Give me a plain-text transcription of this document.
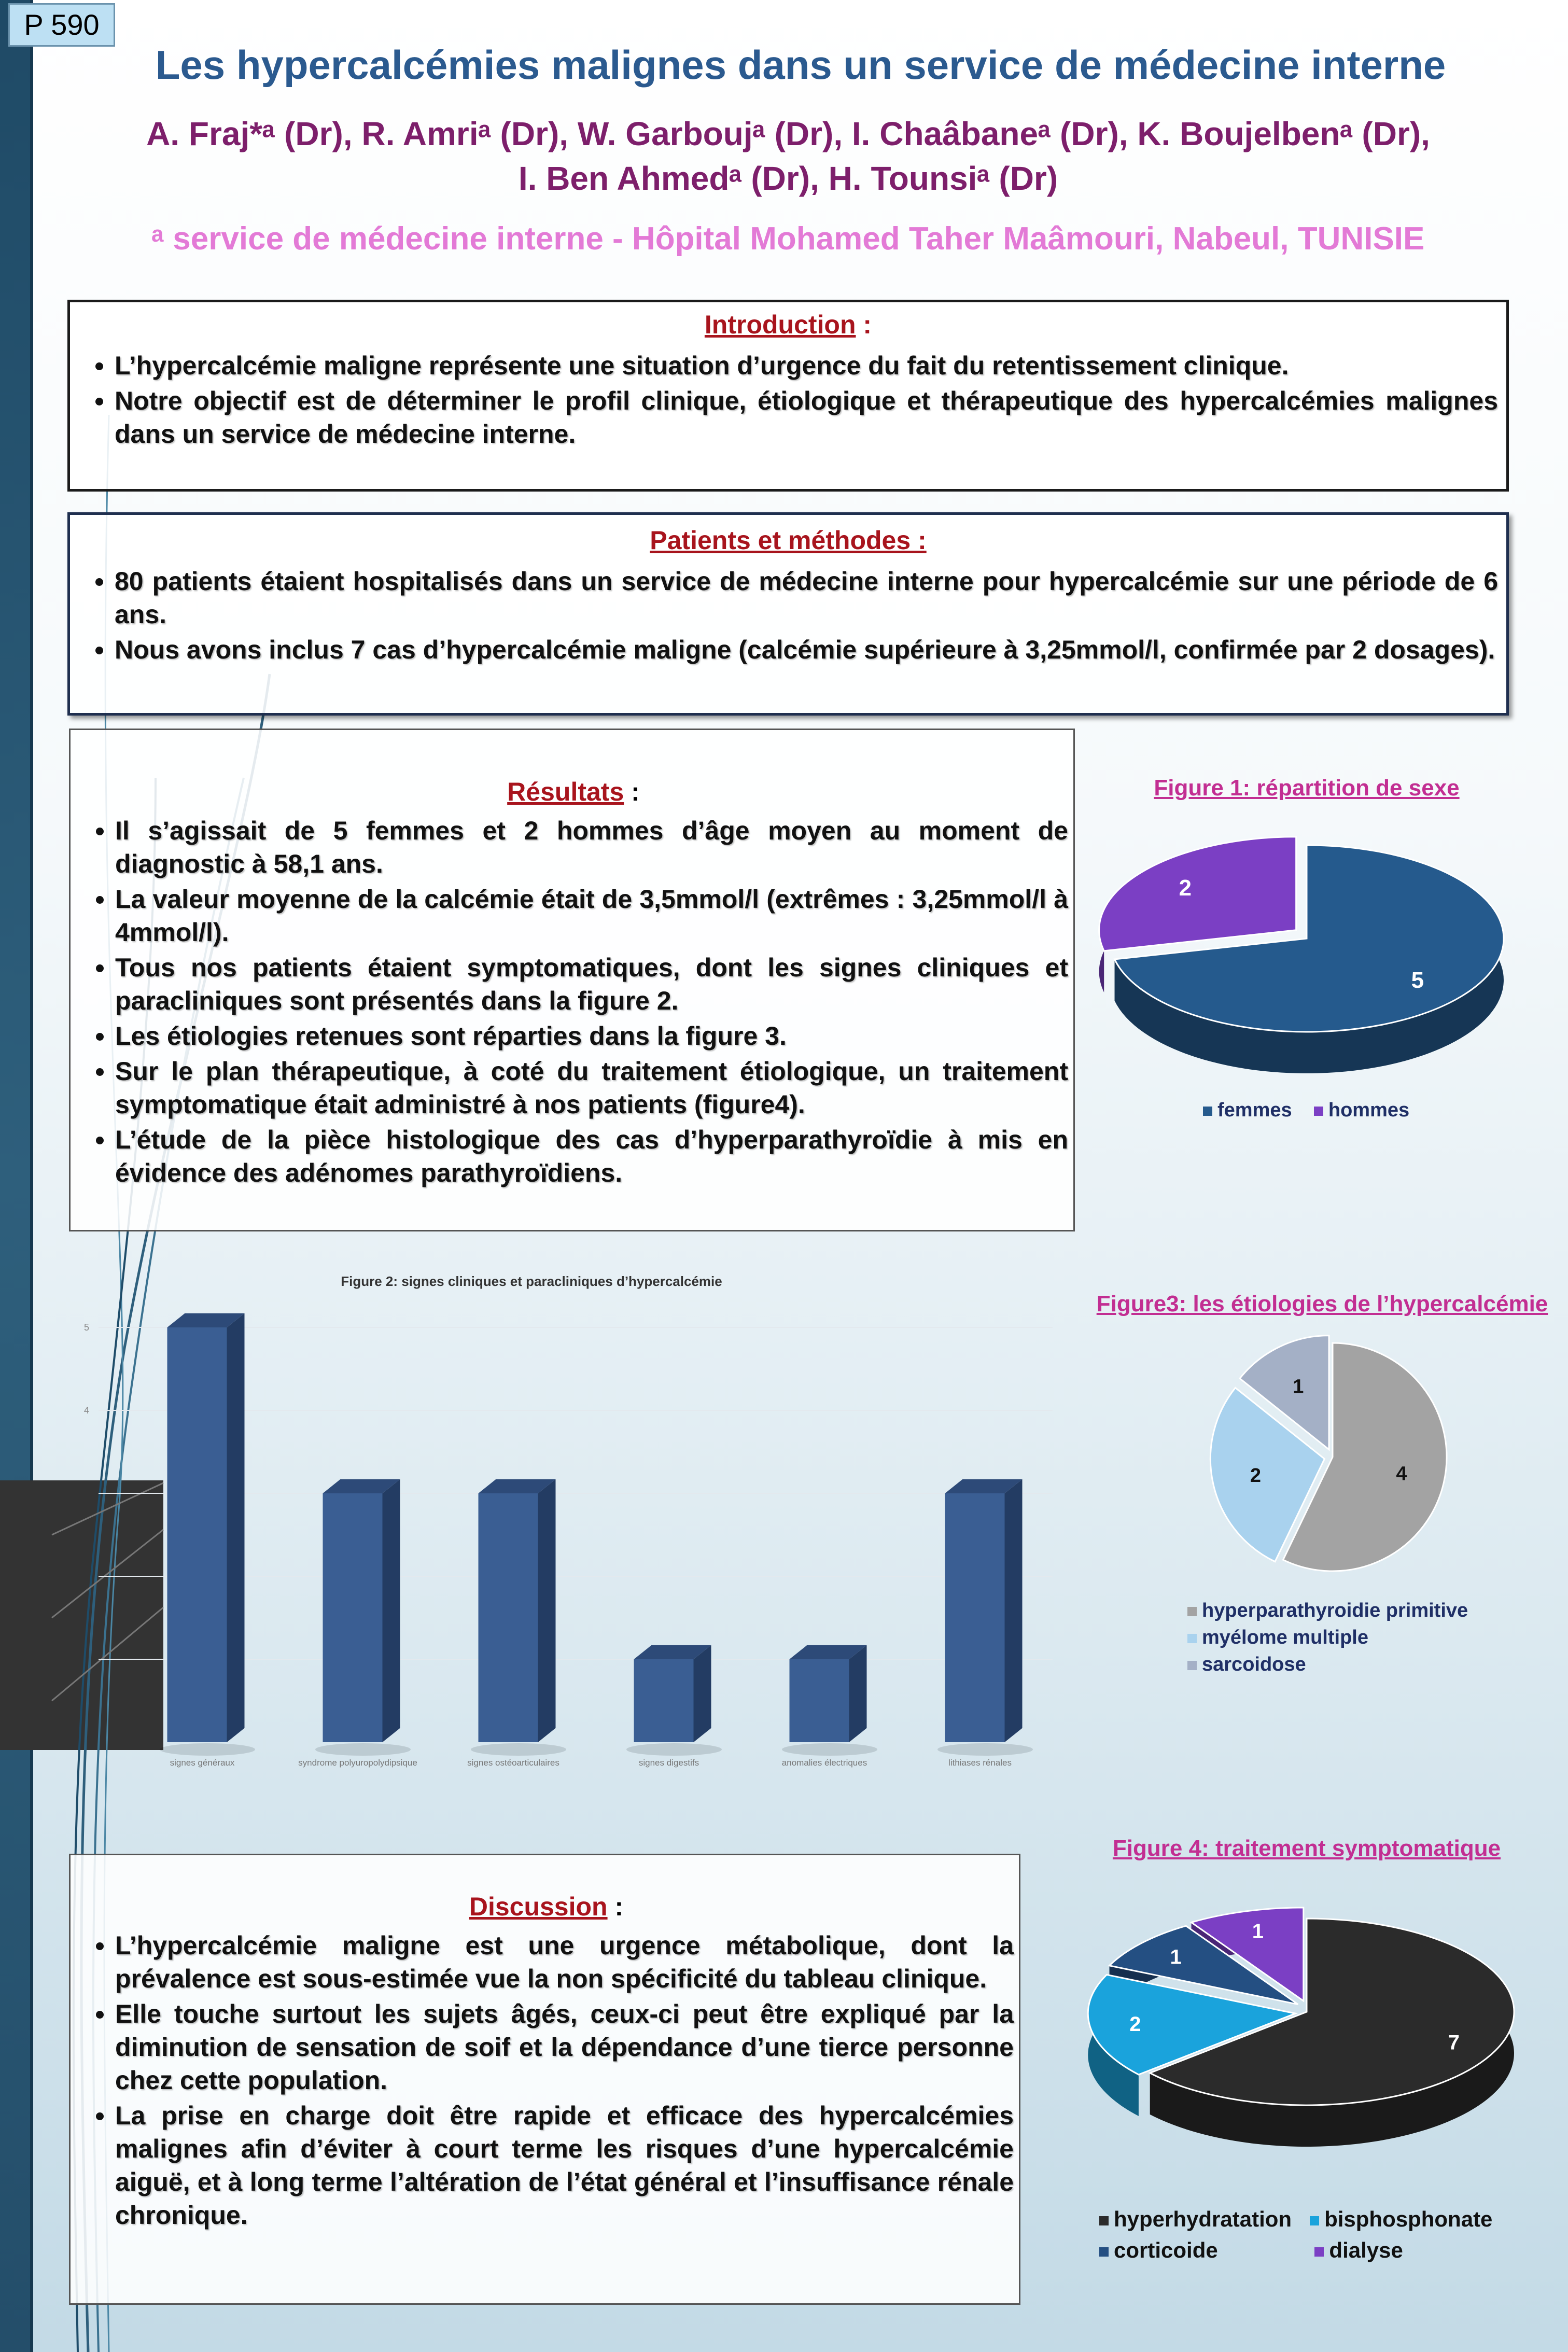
P 590
Les hypercalcémies malignes dans un service de médecine interne
A. Fraj*ᵃ (Dr), R. Amriᵃ (Dr), W. Garboujᵃ (Dr), I. Chaâbaneᵃ (Dr), K. Boujelbenᵃ (Dr),
I. Ben Ahmedᵃ (Dr), H. Tounsiᵃ (Dr)
ᵃ service de médecine interne - Hôpital Mohamed Taher Maâmouri, Nabeul, TUNISIE
Introduction :
• L’hypercalcémie maligne représente une situation d’urgence du fait du retentissement clinique.
• Notre objectif est de déterminer le profil clinique, étiologique et thérapeutique des hypercalcémies malignes dans un service de médecine interne.
Patients et méthodes :
• 80 patients étaient hospitalisés dans un service de médecine interne pour hypercalcémie sur une période de 6 ans.
• Nous avons inclus 7 cas d’hypercalcémie maligne (calcémie supérieure à 3,25mmol/l, confirmée par 2 dosages).
Résultats :
• Il s’agissait de 5 femmes et 2 hommes d’âge moyen au moment de diagnostic à 58,1 ans.
• La valeur moyenne de la calcémie était de 3,5mmol/l (extrêmes : 3,25mmol/l à 4mmol/l).
• Tous nos patients étaient symptomatiques, dont les signes cliniques et paracliniques sont présentés dans la figure 2.
• Les étiologies retenues sont réparties dans la figure 3.
• Sur le plan thérapeutique, à coté du traitement étiologique, un traitement symptomatique était administré à nos patients (figure4).
• L’étude de la pièce histologique des cas d’hyperparathyroïdie à mis en évidence des adénomes parathyroïdiens.
Discussion :
• L’hypercalcémie maligne est une urgence métabolique, dont la prévalence est sous-estimée vue la non spécificité du tableau clinique.
• Elle touche surtout les sujets âgés, ceux-ci peut être expliqué par la diminution de sensation de soif et la dépendance d’une tierce personne chez cette population.
• La prise en charge doit être rapide et efficace des hypercalcémies malignes afin d’éviter à court terme les risques d’une hypercalcémie aiguë, et à long terme l’altération de l’état général et l’insuffisance rénale chronique.
Figure 1: répartition de sexe
5
2
femmes hommes
Figure 2: signes cliniques et paracliniques d’hypercalcémie
5
4
signes généraux	syndrome polyuropolydipsique	signes ostéoarticulaires	signes digestifs	anomalies électriques	lithiases rénales
Figure3: les étiologies de l’hypercalcémie
4
2
1
hyperparathyroidie primitive
myélome multiple
sarcoidose
Figure 4: traitement symptomatique
7
2
1
1
hyperhydratation bisphosphonate
corticoide	dialyse
